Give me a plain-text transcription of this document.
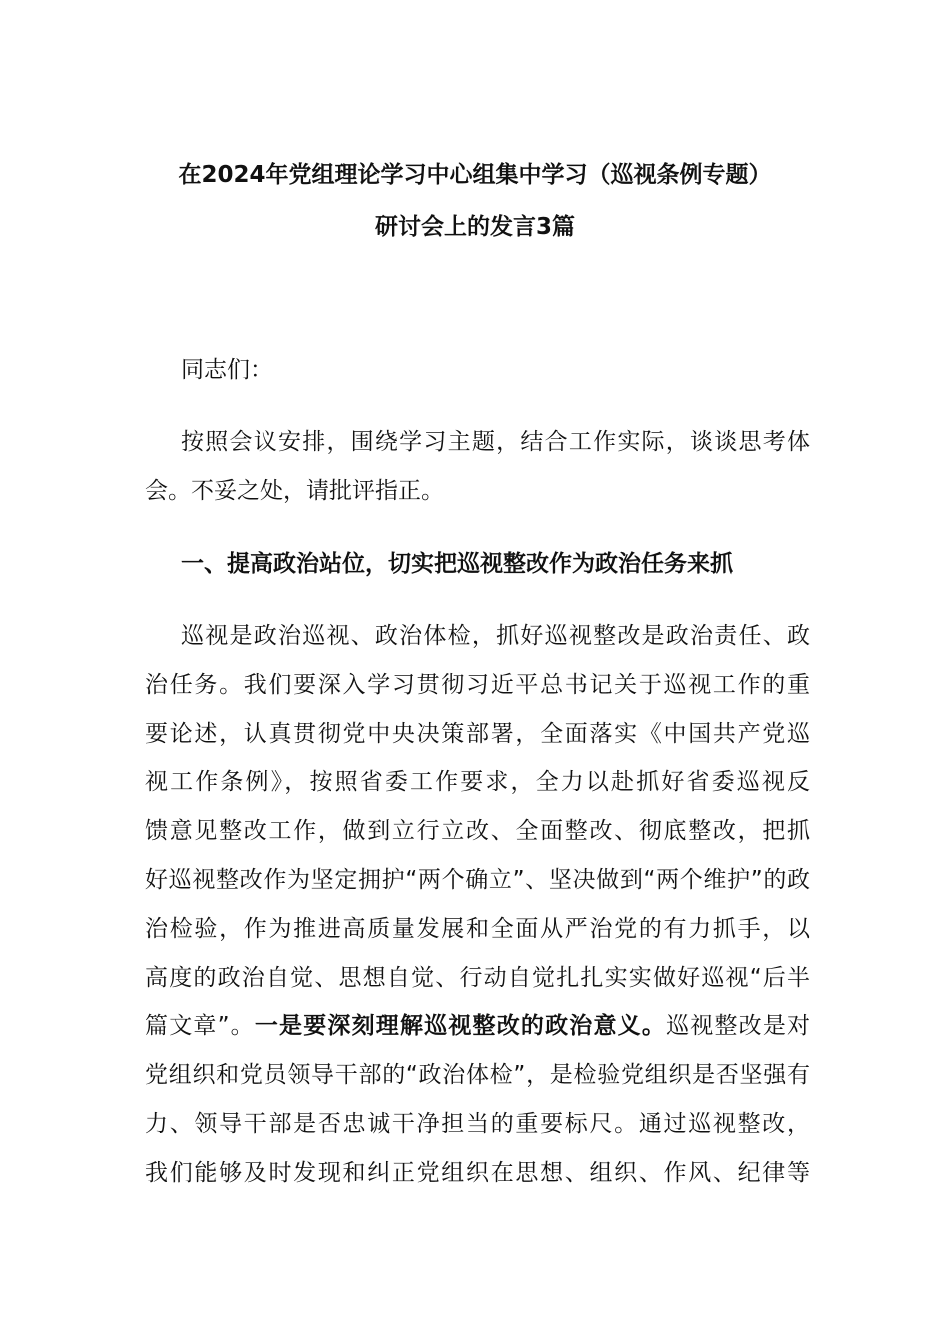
在2024年党组理论学习中心组集中学习（巡视条例专题）
研讨会上的发言3篇
同志们：
按照会议安排，围绕学习主题，结合工作实际，谈谈思考体
会。不妥之处，请批评指正。
一、提高政治站位，切实把巡视整改作为政治任务来抓
巡视是政治巡视、政治体检，抓好巡视整改是政治责任、政
治任务。我们要深入学习贯彻习近平总书记关于巡视工作的重
要论述，认真贯彻党中央决策部署，全面落实《中国共产党巡
视工作条例》，按照省委工作要求，全力以赴抓好省委巡视反
馈意见整改工作，做到立行立改、全面整改、彻底整改，把抓
好巡视整改作为坚定拥护“两个确立”、坚决做到“两个维护”的政
治检验，作为推进高质量发展和全面从严治党的有力抓手，以
高度的政治自觉、思想自觉、行动自觉扎扎实实做好巡视“后半
篇文章”。一是要深刻理解巡视整改的政治意义。巡视整改是对
党组织和党员领导干部的“政治体检”，是检验党组织是否坚强有
力、领导干部是否忠诚干净担当的重要标尺。通过巡视整改，
我们能够及时发现和纠正党组织在思想、组织、作风、纪律等
